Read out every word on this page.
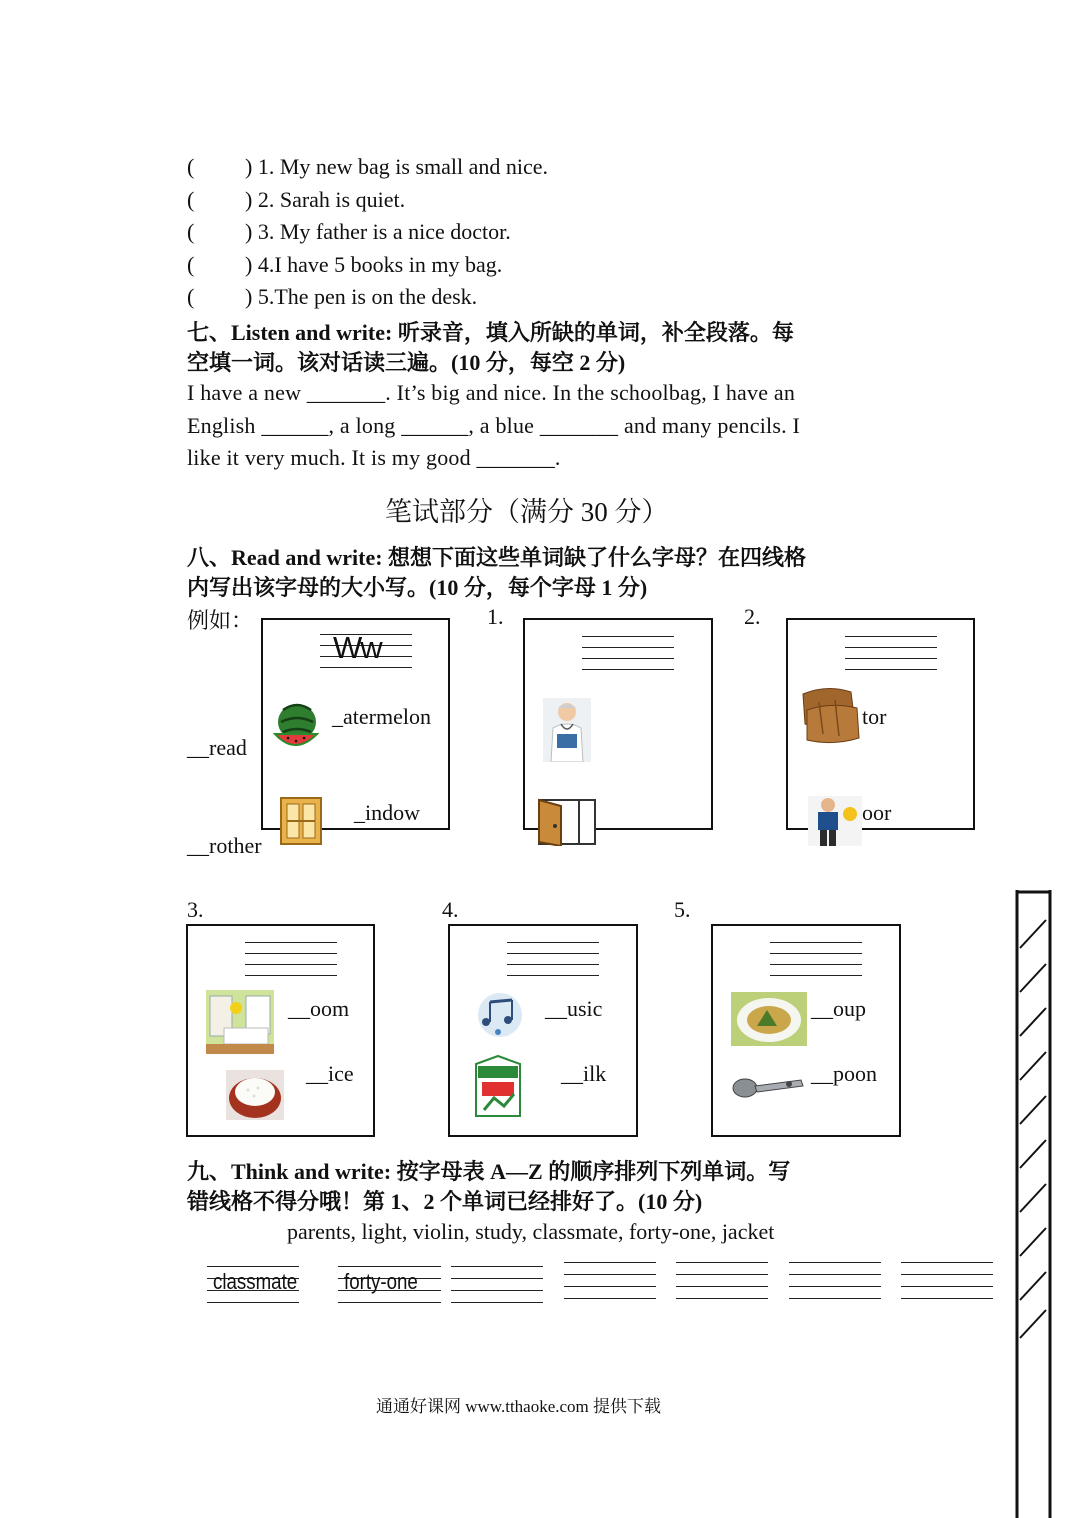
( ) 1. My new bag is small and nice.
( ) 2. Sarah is quiet.
( ) 3. My father is a nice doctor.
( ) 4.I have 5 books in my bag.
( ) 5.The pen is on the desk.
七、Listen and write: 听录音，填入所缺的单词，补全段落。每
空填一词。该对话读三遍。(10 分，每空 2 分)
I have a new _______. It’s big and nice. In the schoolbag, I have an
English ______, a long ______, a blue _______ and many pencils. I
like it very much. It is my good _______.
笔试部分（满分 30 分）
八、Read and write: 想想下面这些单词缺了什么字母？在四线格
内写出该字母的大小写。(10 分，每个字母 1 分)
例如：	1.	2.
Ww
_atermelon
_indow
__read
__rother
tor
oor
3.	4.	5.
__oom
__ice
__usic
__ilk
__oup
__poon
九、Think and write: 按字母表 A—Z 的顺序排列下列单词。写
错线格不得分哦！第 1、2 个单词已经排好了。(10 分)
parents, light, violin, study, classmate, forty-one, jacket
classmate forty-one
通通好课网 www.tthaoke.com 提供下载
